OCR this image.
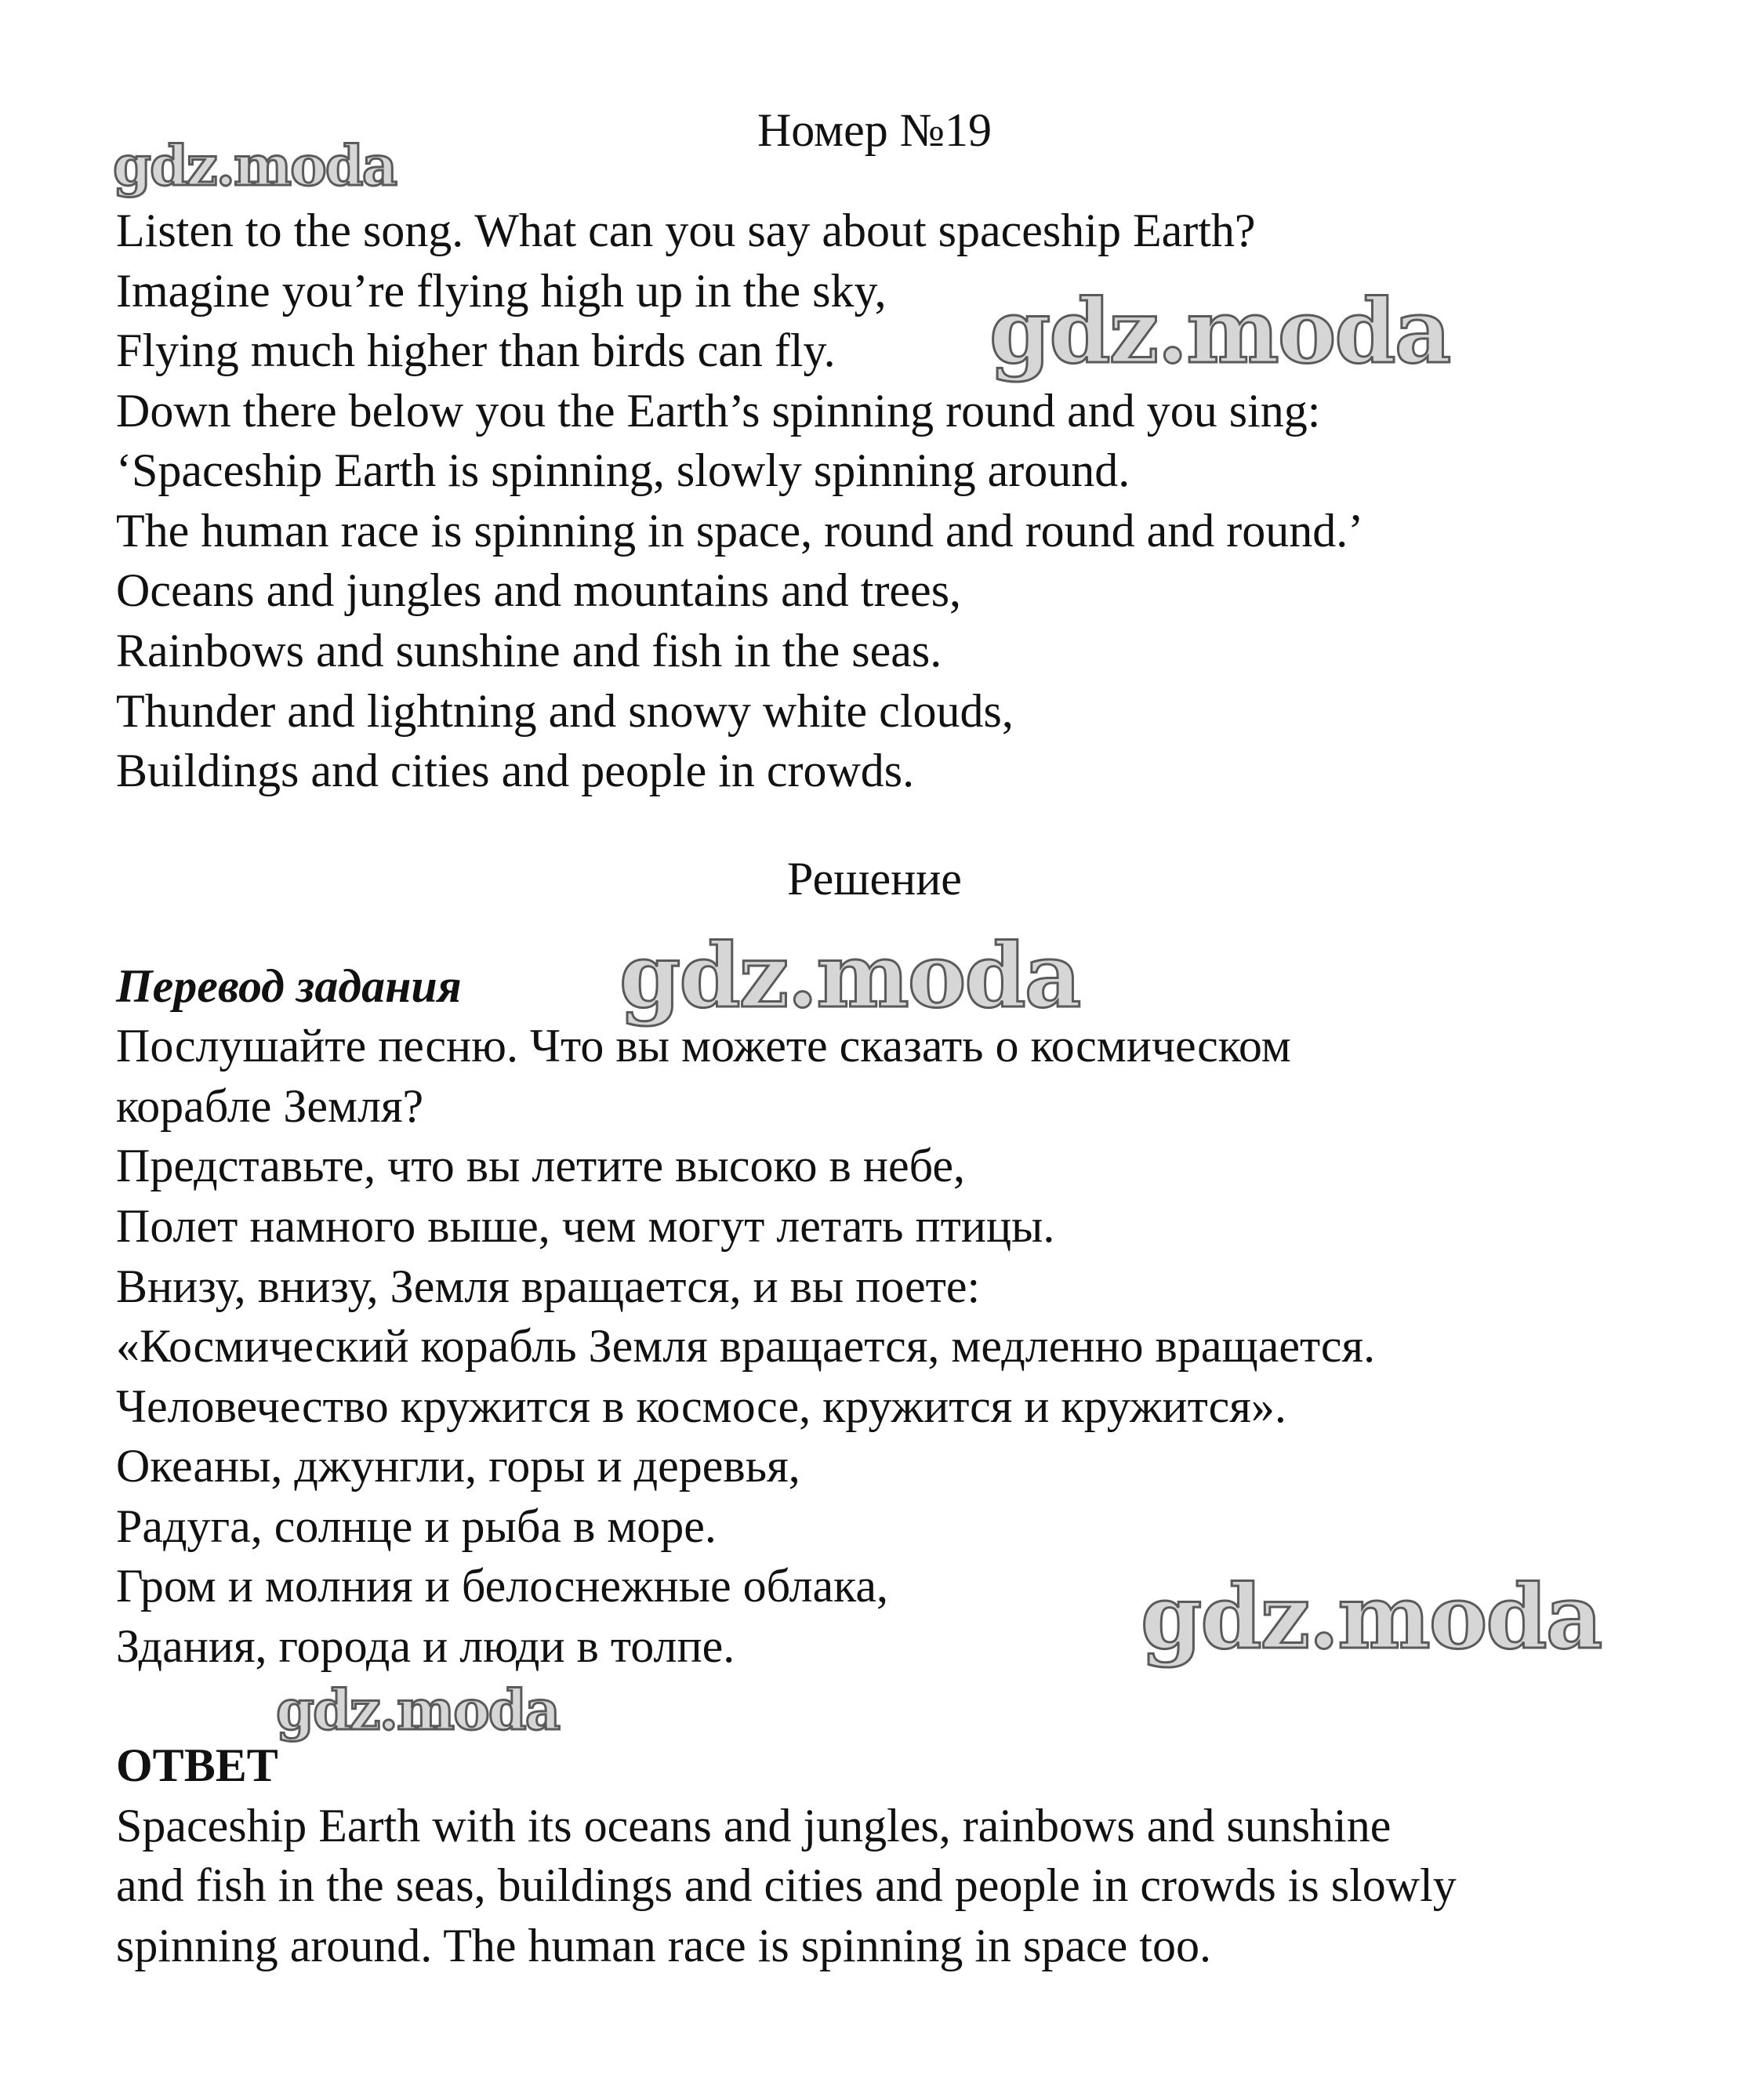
Номер №19

Listen to the song. What can you say about spaceship Earth?

Imagine you’re flying high up in the sky,

Flying much higher than birds can fly.

Down there below you the Earth’s spinning round and you sing:

‘Spaceship Earth is spinning, slowly spinning around.

The human race is spinning in space, round and round and round.’

Oceans and jungles and mountains and trees,

Rainbows and sunshine and fish in the seas.

Thunder and lightning and snowy white clouds,

Buildings and cities and people in crowds.

Решение

Перевод задания

Послушайте песню. Что вы можете сказать о космическом

корабле Земля?

Представьте, что вы летите высоко в небе,

Полет намного выше, чем могут летать птицы.

Внизу, внизу, Земля вращается, и вы поете:

«Космический корабль Земля вращается, медленно вращается.

Человечество кружится в космосе, кружится и кружится».

Океаны, джунгли, горы и деревья,

Радуга, солнце и рыба в море.

Гром и молния и белоснежные облака,

Здания, города и люди в толпе.

ОТВЕТ

Spaceship Earth with its oceans and jungles, rainbows and sunshine

and fish in the seas, buildings and cities and people in crowds is slowly

spinning around. The human race is spinning in space too.

gdz.moda
gdz.moda
gdz.moda
gdz.moda
gdz.moda
